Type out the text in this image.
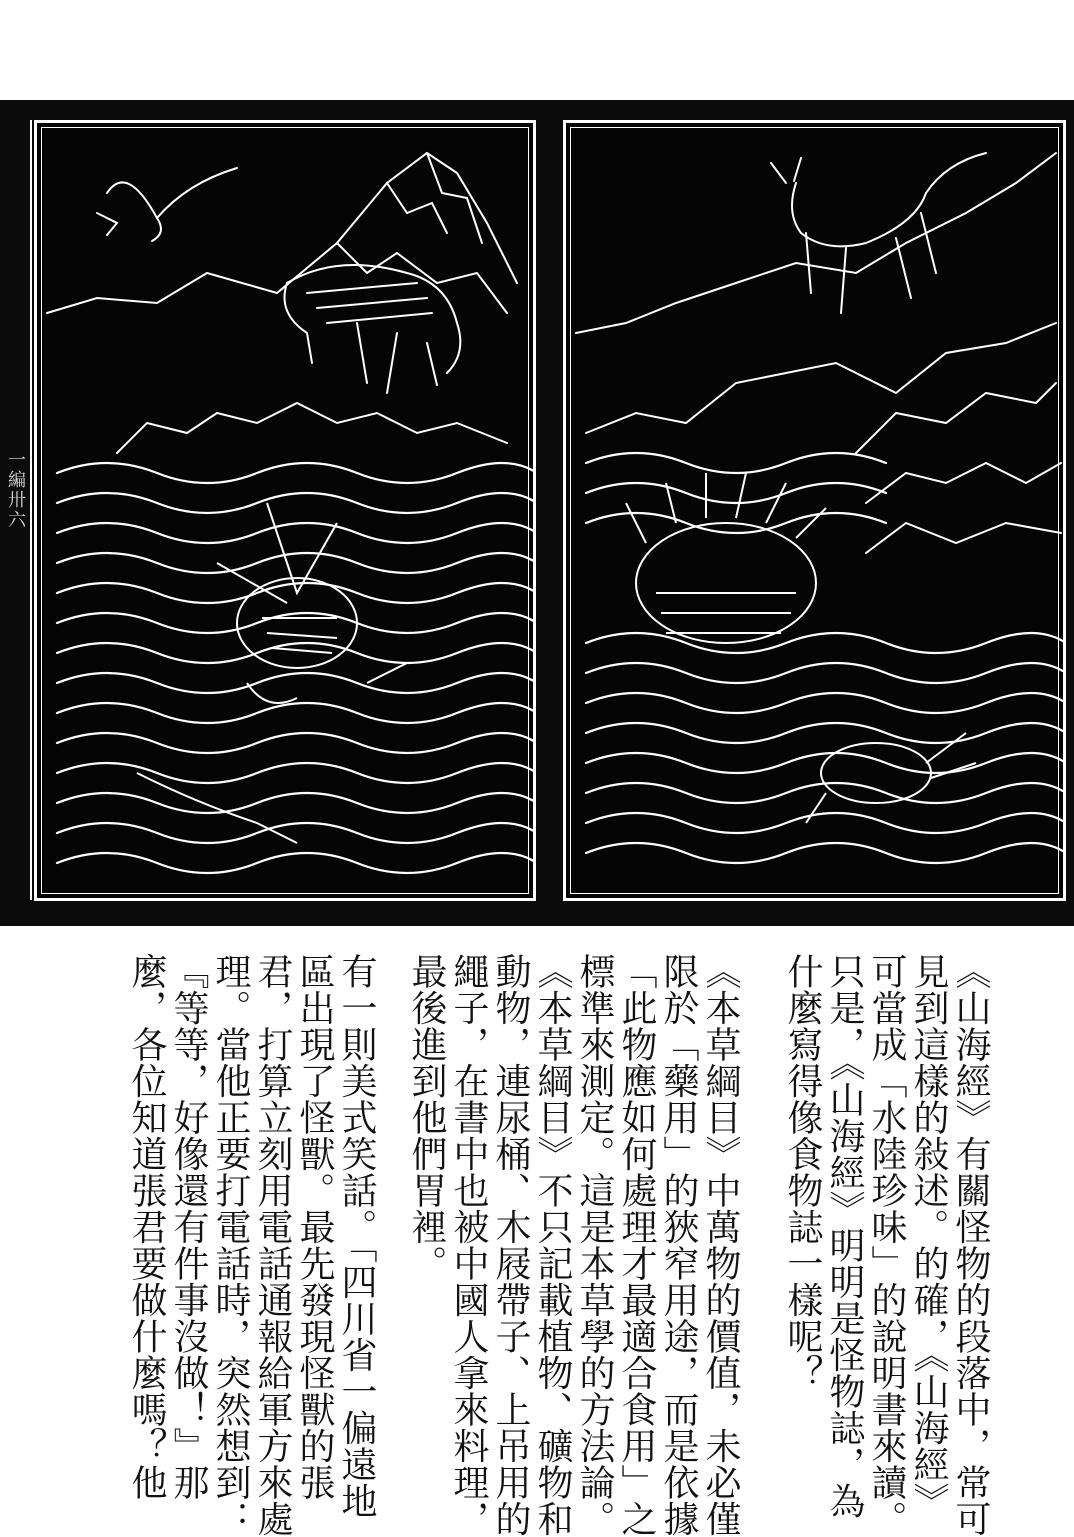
一編卅六
《山海經》有關怪物的段落中，常可
見到這樣的敍述。的確，《山海經》
可當成「水陸珍味」的說明書來讀。
只是，《山海經》明明是怪物誌，為
什麼寫得像食物誌一樣呢？
《本草綱目》中萬物的價值，未必僅
限於「藥用」的狹窄用途，而是依據
「此物應如何處理才最適合食用」之
標準來測定。這是本草學的方法論。
《本草綱目》不只記載植物、礦物和
動物，連尿桶、木屐帶子、上吊用的
繩子，在書中也被中國人拿來料理，
最後進到他們胃裡。
有一則美式笑話。「四川省一偏遠地
區出現了怪獸。最先發現怪獸的張
君，打算立刻用電話通報給軍方來處
理。當他正要打電話時，突然想到：
『等等，好像還有件事沒做！』那
麼，各位知道張君要做什麼嗎？他
